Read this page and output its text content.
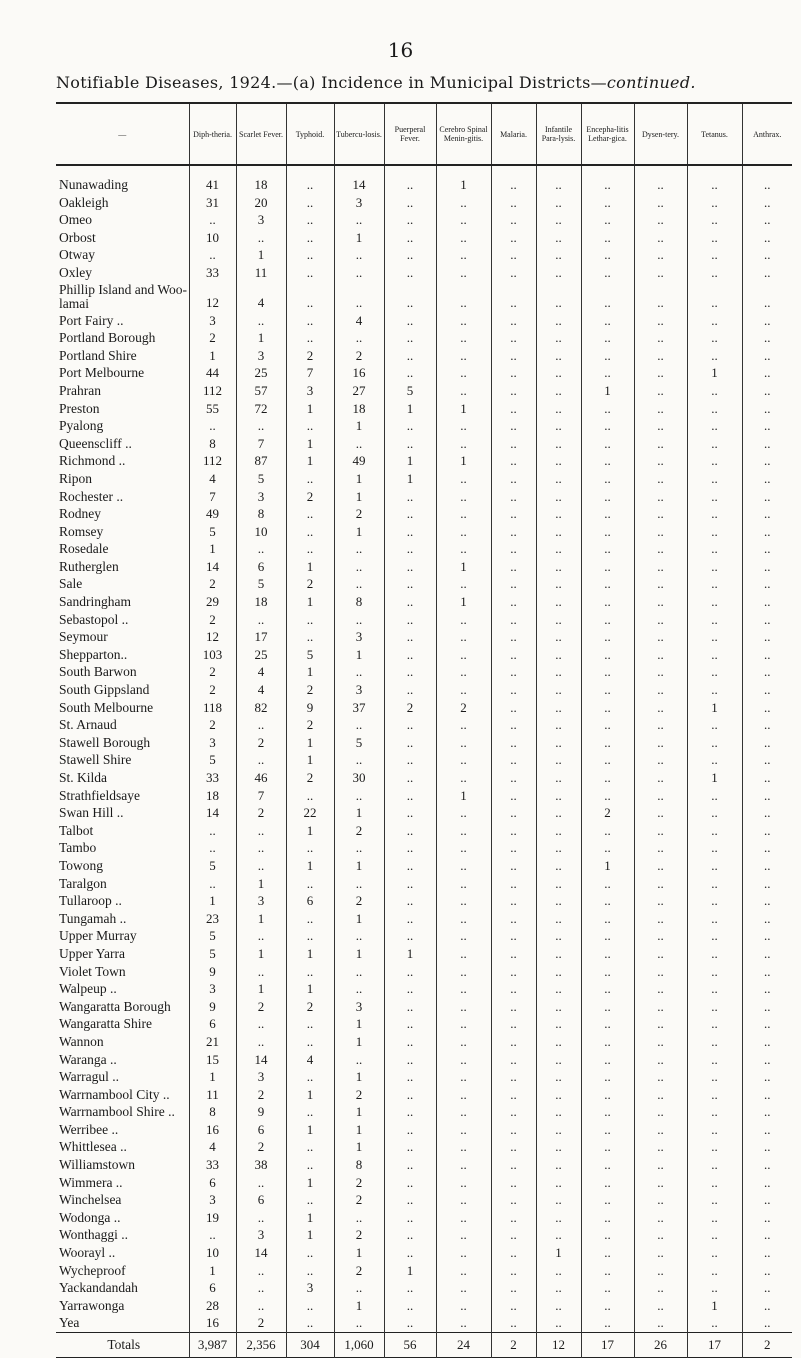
16
Notifiable Diseases, 1924.—(a) Incidence in Municipal Districts—continued.
—	Diph-theria.	Scarlet Fever.	Typhoid.	Tubercu-losis.	Puerperal Fever.	Cerebro Spinal Menin-gitis.	Malaria.	Infantile Para-lysis.	Encepha-litis Lethar-gica.	Dysen-tery.	Tetanus.	Anthrax.

Nunawading	41	18	..	14	..	1	..	..	..	..	..	..
Oakleigh	31	20	..	3	..	..	..	..	..	..	..	..
Omeo	..	3	..	..	..	..	..	..	..	..	..	..
Orbost	10	..	..	1	..	..	..	..	..	..	..	..
Otway	..	1	..	..	..	..	..	..	..	..	..	..
Oxley	33	11	..	..	..	..	..	..	..	..	..	..
Phillip Island and Woo-lamai	12	4	..	..	..	..	..	..	..	..	..	..
Port Fairy ..	3	..	..	4	..	..	..	..	..	..	..	..
Portland Borough	2	1	..	..	..	..	..	..	..	..	..	..
Portland Shire	1	3	2	2	..	..	..	..	..	..	..	..
Port Melbourne	44	25	7	16	..	..	..	..	..	..	1	..
Prahran	112	57	3	27	5	..	..	..	1	..	..	..
Preston	55	72	1	18	1	1	..	..	..	..	..	..
Pyalong	..	..	..	1	..	..	..	..	..	..	..	..
Queenscliff ..	8	7	1	..	..	..	..	..	..	..	..	..
Richmond ..	112	87	1	49	1	1	..	..	..	..	..	..
Ripon	4	5	..	1	1	..	..	..	..	..	..	..
Rochester ..	7	3	2	1	..	..	..	..	..	..	..	..
Rodney	49	8	..	2	..	..	..	..	..	..	..	..
Romsey	5	10	..	1	..	..	..	..	..	..	..	..
Rosedale	1	..	..	..	..	..	..	..	..	..	..	..
Rutherglen	14	6	1	..	..	1	..	..	..	..	..	..
Sale	2	5	2	..	..	..	..	..	..	..	..	..
Sandringham	29	18	1	8	..	1	..	..	..	..	..	..
Sebastopol ..	2	..	..	..	..	..	..	..	..	..	..	..
Seymour	12	17	..	3	..	..	..	..	..	..	..	..
Shepparton..	103	25	5	1	..	..	..	..	..	..	..	..
South Barwon	2	4	1	..	..	..	..	..	..	..	..	..
South Gippsland	2	4	2	3	..	..	..	..	..	..	..	..
South Melbourne	118	82	9	37	2	2	..	..	..	..	1	..
St. Arnaud	2	..	2	..	..	..	..	..	..	..	..	..
Stawell Borough	3	2	1	5	..	..	..	..	..	..	..	..
Stawell Shire	5	..	1	..	..	..	..	..	..	..	..	..
St. Kilda	33	46	2	30	..	..	..	..	..	..	1	..
Strathfieldsaye	18	7	..	..	..	1	..	..	..	..	..	..
Swan Hill ..	14	2	22	1	..	..	..	..	2	..	..	..
Talbot	..	..	1	2	..	..	..	..	..	..	..	..
Tambo	..	..	..	..	..	..	..	..	..	..	..	..
Towong	5	..	1	1	..	..	..	..	1	..	..	..
Taralgon	..	1	..	..	..	..	..	..	..	..	..	..
Tullaroop ..	1	3	6	2	..	..	..	..	..	..	..	..
Tungamah ..	23	1	..	1	..	..	..	..	..	..	..	..
Upper Murray	5	..	..	..	..	..	..	..	..	..	..	..
Upper Yarra	5	1	1	1	1	..	..	..	..	..	..	..
Violet Town	9	..	..	..	..	..	..	..	..	..	..	..
Walpeup ..	3	1	1	..	..	..	..	..	..	..	..	..
Wangaratta Borough	9	2	2	3	..	..	..	..	..	..	..	..
Wangaratta Shire	6	..	..	1	..	..	..	..	..	..	..	..
Wannon	21	..	..	1	..	..	..	..	..	..	..	..
Waranga ..	15	14	4	..	..	..	..	..	..	..	..	..
Warragul ..	1	3	..	1	..	..	..	..	..	..	..	..
Warrnambool City ..	11	2	1	2	..	..	..	..	..	..	..	..
Warrnambool Shire ..	8	9	..	1	..	..	..	..	..	..	..	..
Werribee ..	16	6	1	1	..	..	..	..	..	..	..	..
Whittlesea ..	4	2	..	1	..	..	..	..	..	..	..	..
Williamstown	33	38	..	8	..	..	..	..	..	..	..	..
Wimmera ..	6	..	1	2	..	..	..	..	..	..	..	..
Winchelsea	3	6	..	2	..	..	..	..	..	..	..	..
Wodonga ..	19	..	1	..	..	..	..	..	..	..	..	..
Wonthaggi ..	..	3	1	2	..	..	..	..	..	..	..	..
Woorayl ..	10	14	..	1	..	..	..	1	..	..	..	..
Wycheproof	1	..	..	2	1	..	..	..	..	..	..	..
Yackandandah	6	..	3	..	..	..	..	..	..	..	..	..
Yarrawonga	28	..	..	1	..	..	..	..	..	..	1	..
Yea	16	2	..	..	..	..	..	..	..	..	..	..
Totals	3,987	2,356	304	1,060	56	24	2	12	17	26	17	2
